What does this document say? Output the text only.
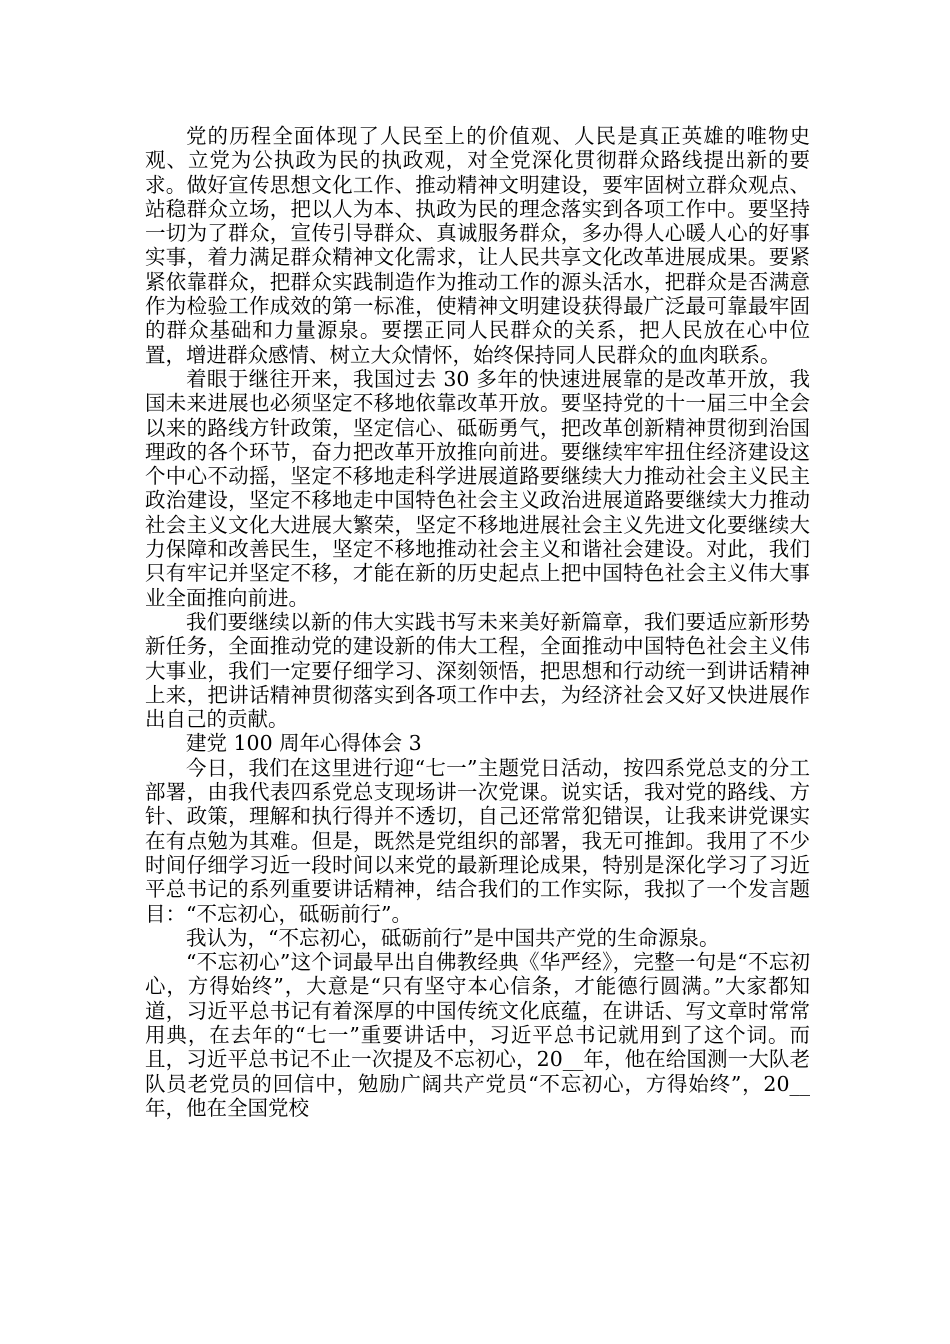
党的历程全面体现了人民至上的价值观、人民是真正英雄的唯物史观、立党为公执政为民的执政观，对全党深化贯彻群众路线提出新的要求。做好宣传思想文化工作、推动精神文明建设，要牢固树立群众观点、站稳群众立场，把以人为本、执政为民的理念落实到各项工作中。要坚持一切为了群众，宣传引导群众、真诚服务群众，多办得人心暖人心的好事实事，着力满足群众精神文化需求，让人民共享文化改革进展成果。要紧紧依靠群众，把群众实践制造作为推动工作的源头活水，把群众是否满意作为检验工作成效的第一标准，使精神文明建设获得最广泛最可靠最牢固的群众基础和力量源泉。要摆正同人民群众的关系，把人民放在心中位置，增进群众感情、树立大众情怀，始终保持同人民群众的血肉联系。

着眼于继往开来，我国过去 30 多年的快速进展靠的是改革开放，我国未来进展也必须坚定不移地依靠改革开放。要坚持党的十一届三中全会以来的路线方针政策，坚定信心、砥砺勇气，把改革创新精神贯彻到治国理政的各个环节，奋力把改革开放推向前进。要继续牢牢扭住经济建设这个中心不动摇，坚定不移地走科学进展道路要继续大力推动社会主义民主政治建设，坚定不移地走中国特色社会主义政治进展道路要继续大力推动社会主义文化大进展大繁荣，坚定不移地进展社会主义先进文化要继续大力保障和改善民生，坚定不移地推动社会主义和谐社会建设。对此，我们只有牢记并坚定不移，才能在新的历史起点上把中国特色社会主义伟大事业全面推向前进。

我们要继续以新的伟大实践书写未来美好新篇章，我们要适应新形势新任务，全面推动党的建设新的伟大工程，全面推动中国特色社会主义伟大事业，我们一定要仔细学习、深刻领悟，把思想和行动统一到讲话精神上来，把讲话精神贯彻落实到各项工作中去，为经济社会又好又快进展作出自己的贡献。

建党 100 周年心得体会 3

今日，我们在这里进行迎“七一”主题党日活动，按四系党总支的分工部署，由我代表四系党总支现场讲一次党课。说实话，我对党的路线、方针、政策，理解和执行得并不透切，自己还常常犯错误，让我来讲党课实在有点勉为其难。但是，既然是党组织的部署，我无可推卸。我用了不少时间仔细学习近一段时间以来党的最新理论成果，特别是深化学习了习近平总书记的系列重要讲话精神，结合我们的工作实际，我拟了一个发言题目：“不忘初心，砥砺前行”。

我认为，“不忘初心，砥砺前行”是中国共产党的生命源泉。

“不忘初心”这个词最早出自佛教经典《华严经》，完整一句是“不忘初心，方得始终”，大意是“只有坚守本心信条，才能德行圆满。”大家都知道，习近平总书记有着深厚的中国传统文化底蕴，在讲话、写文章时常常用典，在去年的“七一”重要讲话中，习近平总书记就用到了这个词。而且，习近平总书记不止一次提及不忘初心，20__年，他在给国测一大队老队员老党员的回信中，勉励广阔共产党员“不忘初心，方得始终”，20__年，他在全国党校
